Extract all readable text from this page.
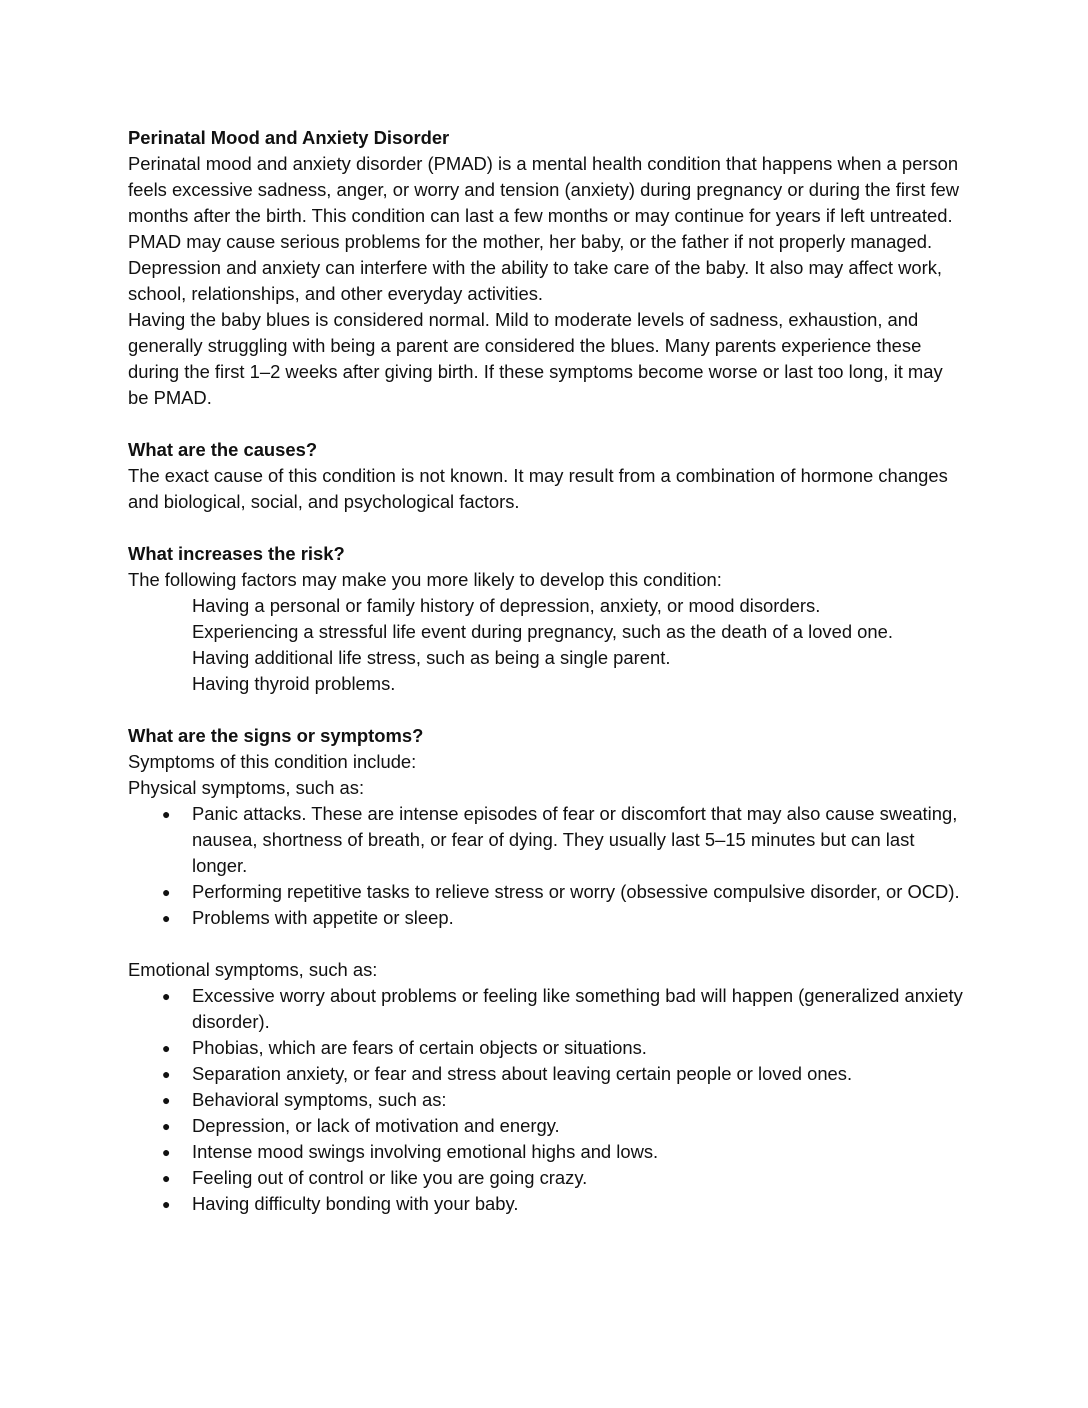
Perinatal Mood and Anxiety Disorder

Perinatal mood and anxiety disorder (PMAD) is a mental health condition that happens when a person feels excessive sadness, anger, or worry and tension (anxiety) during pregnancy or during the first few months after the birth. This condition can last a few months or may continue for years if left untreated. PMAD may cause serious problems for the mother, her baby, or the father if not properly managed. Depression and anxiety can interfere with the ability to take care of the baby. It also may affect work, school, relationships, and other everyday activities.

Having the baby blues is considered normal. Mild to moderate levels of sadness, exhaustion, and generally struggling with being a parent are considered the blues. Many parents experience these during the first 1–2 weeks after giving birth. If these symptoms become worse or last too long, it may be PMAD.

What are the causes?

The exact cause of this condition is not known. It may result from a combination of hormone changes and biological, social, and psychological factors.

What increases the risk?

The following factors may make you more likely to develop this condition:

Having a personal or family history of depression, anxiety, or mood disorders.
Experiencing a stressful life event during pregnancy, such as the death of a loved one.
Having additional life stress, such as being a single parent.
Having thyroid problems.

What are the signs or symptoms?

Symptoms of this condition include:

Physical symptoms, such as:

● Panic attacks. These are intense episodes of fear or discomfort that may also cause sweating, nausea, shortness of breath, or fear of dying. They usually last 5–15 minutes but can last longer.
● Performing repetitive tasks to relieve stress or worry (obsessive compulsive disorder, or OCD).
● Problems with appetite or sleep.

Emotional symptoms, such as:

● Excessive worry about problems or feeling like something bad will happen (generalized anxiety disorder).
● Phobias, which are fears of certain objects or situations.
● Separation anxiety, or fear and stress about leaving certain people or loved ones.
● Behavioral symptoms, such as:
● Depression, or lack of motivation and energy.
● Intense mood swings involving emotional highs and lows.
● Feeling out of control or like you are going crazy.
● Having difficulty bonding with your baby.
